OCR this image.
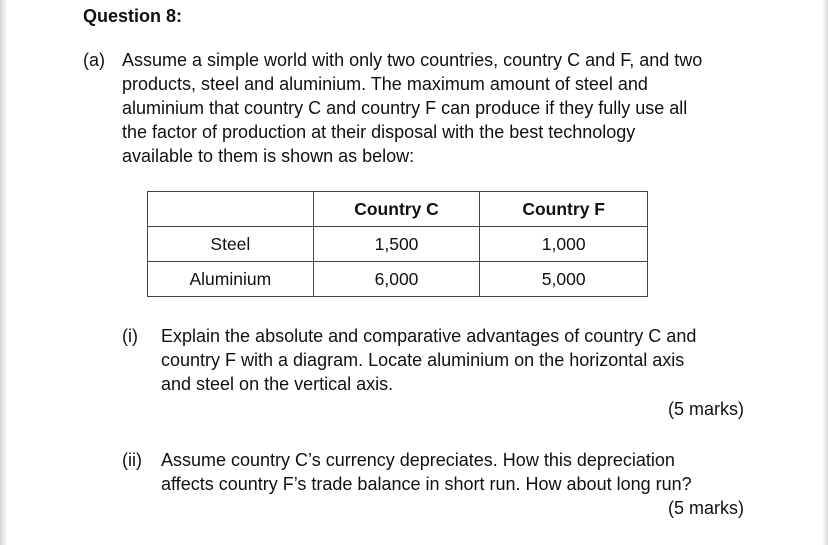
Question 8:
(a) Assume a simple world with only two countries, country C and F, and two
products, steel and aluminium. The maximum amount of steel and
aluminium that country C and country F can produce if they fully use all
the factor of production at their disposal with the best technology
available to them is shown as below:
	Country C	Country F
Steel	1,500	1,000
Aluminium	6,000	5,000
(i) Explain the absolute and comparative advantages of country C and
country F with a diagram. Locate aluminium on the horizontal axis
and steel on the vertical axis.
(5 marks)
(ii) Assume country C’s currency depreciates. How this depreciation
affects country F’s trade balance in short run. How about long run?
(5 marks)
